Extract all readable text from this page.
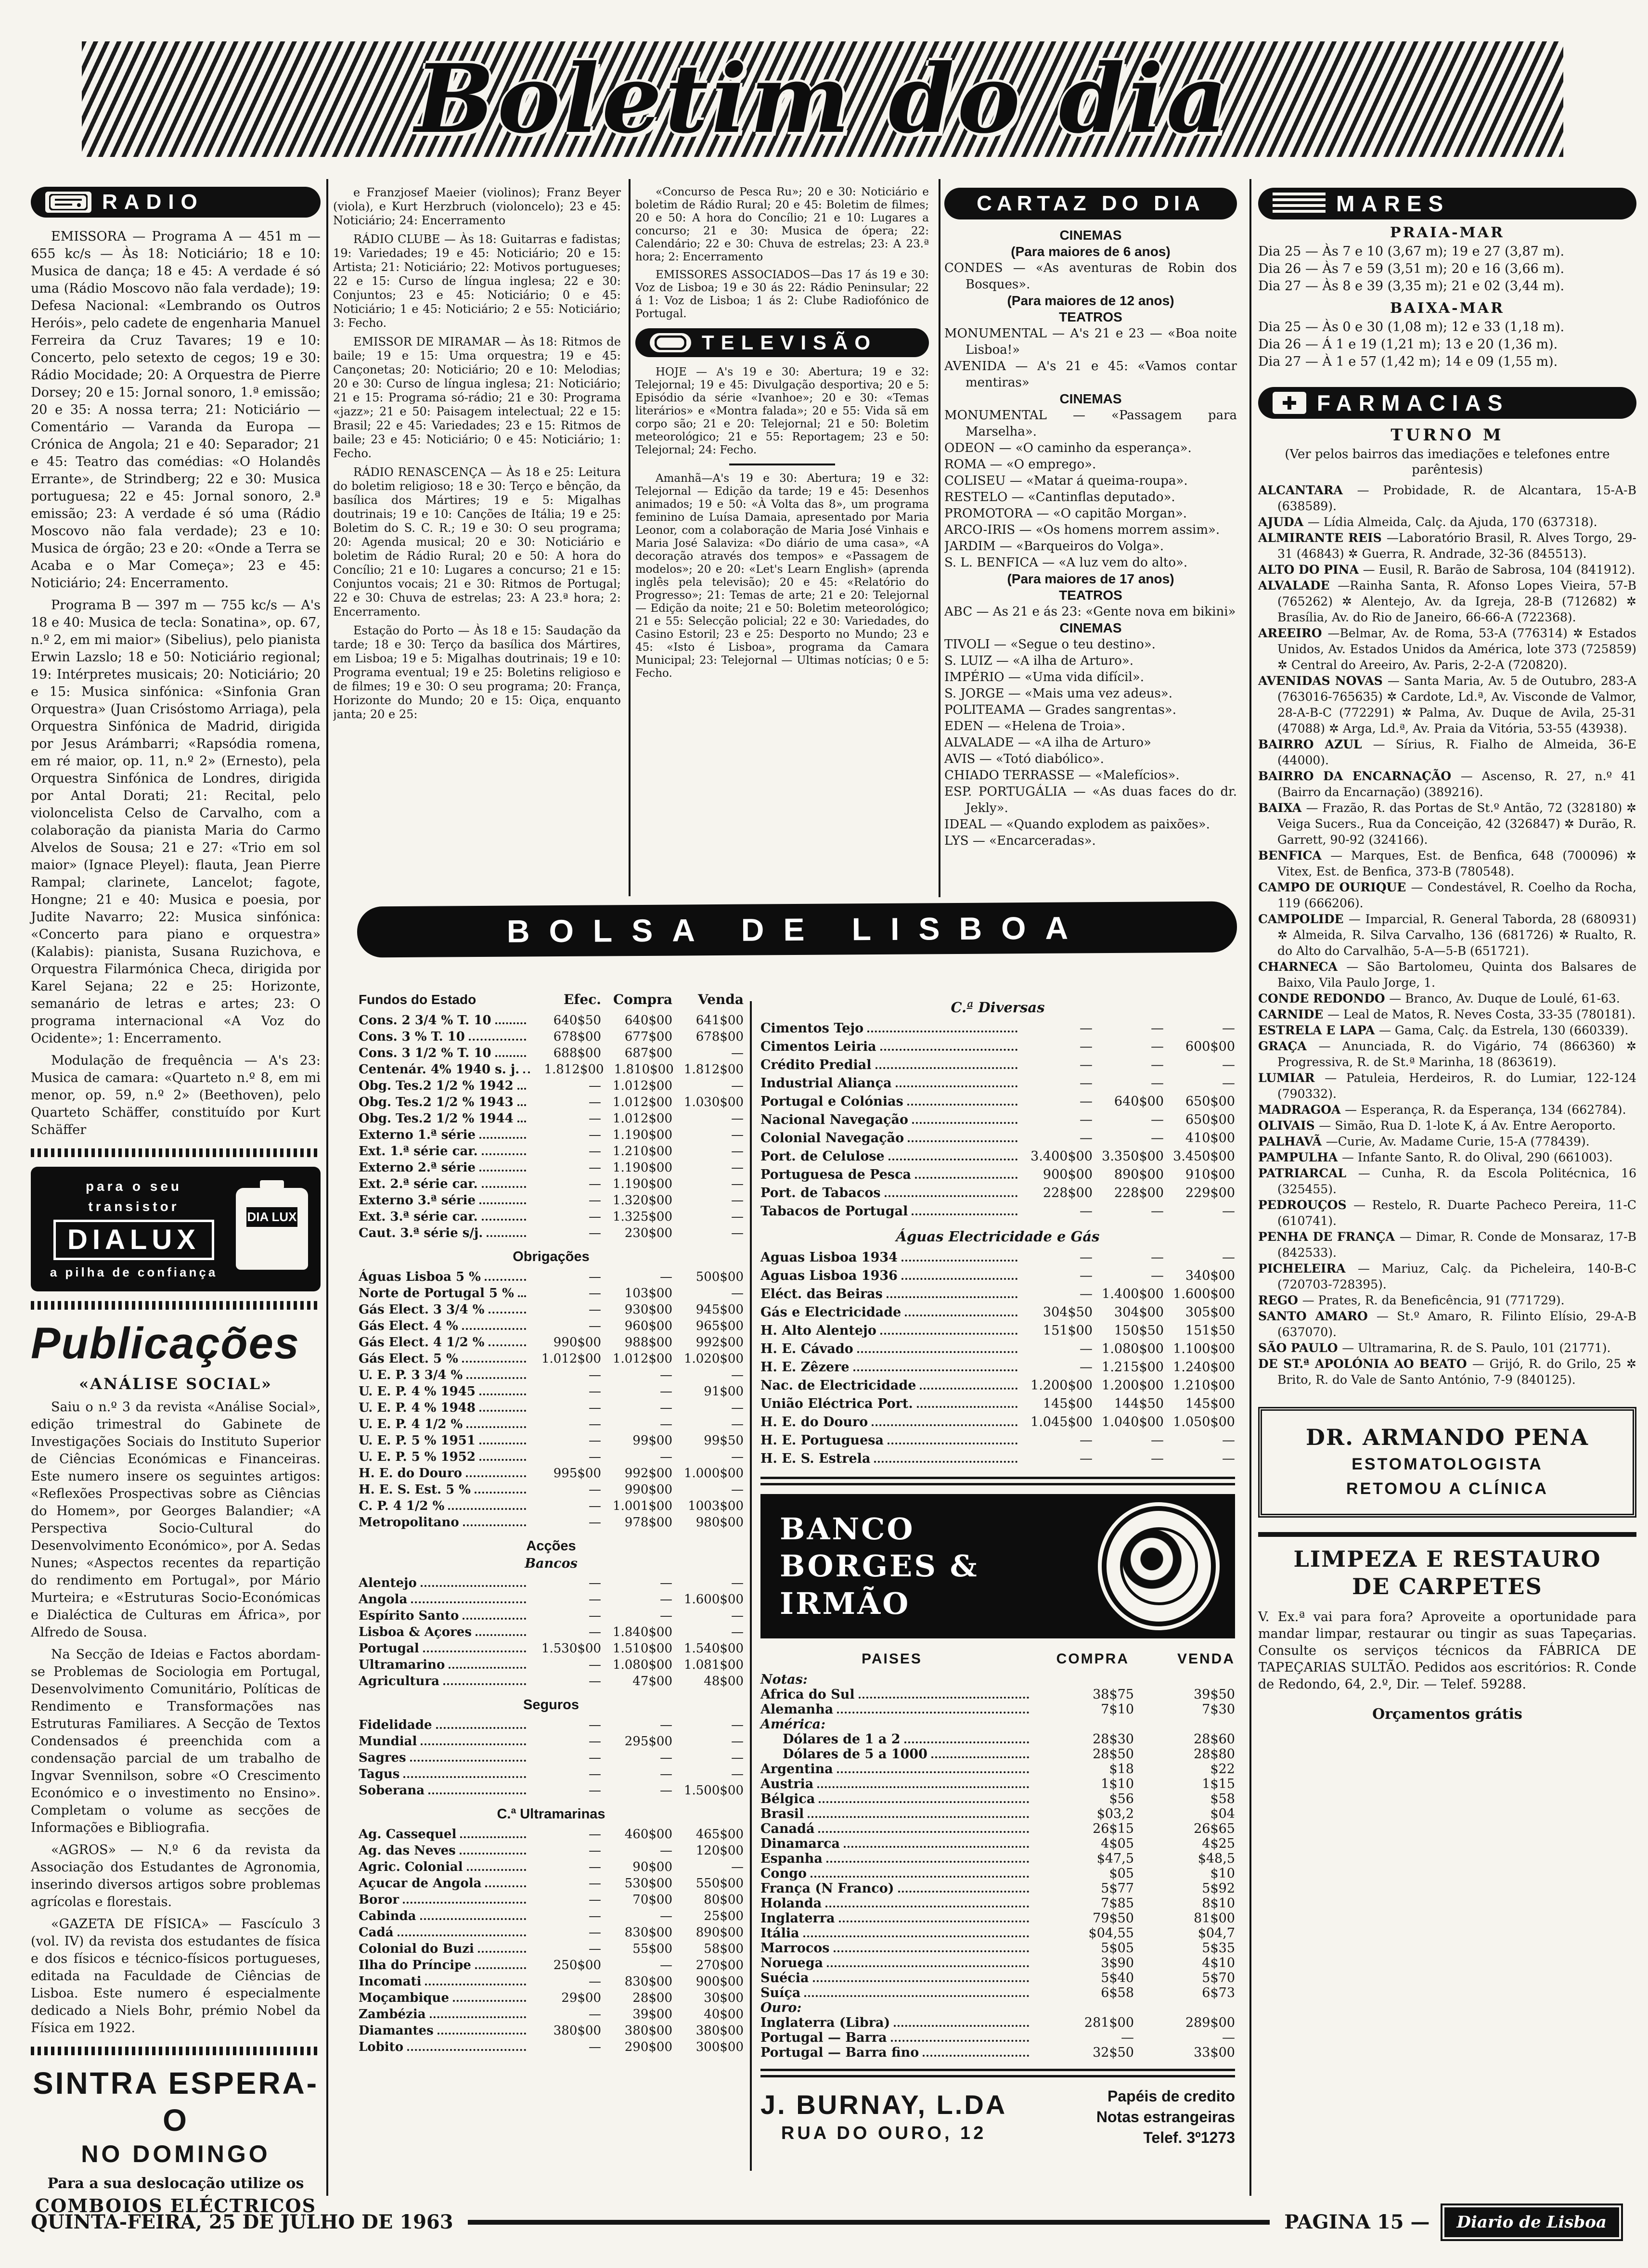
Boletim do dia
RADIO

EMISSORA — Programa A — 451 m — 655 kc/s — Às 18: Noticiário; 18 e 10: Musica de dança; 18 e 45: A verdade é só uma (Rádio Moscovo não fala verdade); 19: Defesa Nacional: «Lembrando os Outros Heróis», pelo cadete de engenharia Manuel Ferreira da Cruz Tavares; 19 e 10: Concerto, pelo setexto de cegos; 19 e 30: Rádio Mocidade; 20: A Orquestra de Pierre Dorsey; 20 e 15: Jornal sonoro, 1.ª emissão; 20 e 35: A nossa terra; 21: Noticiário — Comentário — Varanda da Europa — Crónica de Angola; 21 e 40: Separador; 21 e 45: Teatro das comédias: «O Holandês Errante», de Strindberg; 22 e 30: Musica portuguesa; 22 e 45: Jornal sonoro, 2.ª emissão; 23: A verdade é só uma (Rádio Moscovo não fala verdade); 23 e 10: Musica de órgão; 23 e 20: «Onde a Terra se Acaba e o Mar Começa»; 23 e 45: Noticiário; 24: Encerramento.

Programa B — 397 m — 755 kc/s — A's 18 e 40: Musica de tecla: Sonatina», op. 67, n.º 2, em mi maior» (Sibelius), pelo pianista Erwin Lazslo; 18 e 50: Noticiário regional; 19: Intérpretes musicais; 20: Noticiário; 20 e 15: Musica sinfónica: «Sinfonia Gran Orquestra» (Juan Crisóstomo Arriaga), pela Orquestra Sinfónica de Madrid, dirigida por Jesus Arámbarri; «Rapsódia romena, em ré maior, op. 11, n.º 2» (Ernesto), pela Orquestra Sinfónica de Londres, dirigida por Antal Dorati; 21: Recital, pelo violoncelista Celso de Carvalho, com a colaboração da pianista Maria do Carmo Alvelos de Sousa; 21 e 27: «Trio em sol maior» (Ignace Pleyel): flauta, Jean Pierre Rampal; clarinete, Lancelot; fagote, Hongne; 21 e 40: Musica e poesia, por Judite Navarro; 22: Musica sinfónica: «Concerto para piano e orquestra» (Kalabis): pianista, Susana Ruzichova, e Orquestra Filarmónica Checa, dirigida por Karel Sejana; 22 e 25: Horizonte, semanário de letras e artes; 23: O programa internacional «A Voz do Ocidente»; 1: Encerramento.

Modulação de frequência — A's 23: Musica de camara: «Quarteto n.º 8, em mi menor, op. 59, n.º 2» (Beethoven), pelo Quarteto Schäffer, constituído por Kurt Schäffer

para o seu transistor
DIALUX
a pilha de confiança
DIA LUX
Publicações
«ANÁLISE SOCIAL»

Saiu o n.º 3 da revista «Análise Social», edição trimestral do Gabinete de Investigações Sociais do Instituto Superior de Ciências Económicas e Financeiras. Este numero insere os seguintes artigos: «Reflexões Prospectivas sobre as Ciências do Homem», por Georges Balandier; «A Perspectiva Socio-Cultural do Desenvolvimento Económico», por A. Sedas Nunes; «Aspectos recentes da repartição do rendimento em Portugal», por Mário Murteira; e «Estruturas Socio-Económicas e Dialéctica de Culturas em África», por Alfredo de Sousa.

Na Secção de Ideias e Factos abordam-se Problemas de Sociologia em Portugal, Desenvolvimento Comunitário, Políticas de Rendimento e Transformações nas Estruturas Familiares. A Secção de Textos Condensados é preenchida com a condensação parcial de um trabalho de Ingvar Svennilson, sobre «O Crescimento Económico e o investimento no Ensino». Completam o volume as secções de Informações e Bibliografia.

«AGROS» — N.º 6 da revista da Associação dos Estudantes de Agronomia, inserindo diversos artigos sobre problemas agrícolas e florestais.

«GAZETA DE FÍSICA» — Fascículo 3 (vol. IV) da revista dos estudantes de física e dos físicos e técnico-físicos portugueses, editada na Faculdade de Ciências de Lisboa. Este numero é especialmente dedicado a Niels Bohr, prémio Nobel da Física em 1922.

SINTRA ESPERA-O
NO DOMINGO
Para a sua deslocação utilize os
COMBOIOS ELÉCTRICOS

e Franzjosef Maeier (violinos); Franz Beyer (viola), e Kurt Herzbruch (violoncelo); 23 e 45: Noticiário; 24: Encerramento

RÁDIO CLUBE — Às 18: Guitarras e fadistas; 19: Variedades; 19 e 45: Noticiário; 20 e 15: Artista; 21: Noticiário; 22: Motivos portugueses; 22 e 15: Curso de língua inglesa; 22 e 30: Conjuntos; 23 e 45: Noticiário; 0 e 45: Noticiário; 1 e 45: Noticiário; 2 e 55: Noticiário; 3: Fecho.

EMISSOR DE MIRAMAR — Às 18: Ritmos de baile; 19 e 15: Uma orquestra; 19 e 45: Cançonetas; 20: Noticiário; 20 e 10: Melodias; 20 e 30: Curso de língua inglesa; 21: Noticiário; 21 e 15: Programa só-rádio; 21 e 30: Programa «jazz»; 21 e 50: Paisagem intelectual; 22 e 15: Brasil; 22 e 45: Variedades; 23 e 15: Ritmos de baile; 23 e 45: Noticiário; 0 e 45: Noticiário; 1: Fecho.

RÁDIO RENASCENÇA — Às 18 e 25: Leitura do boletim religioso; 18 e 30: Terço e bênção, da basílica dos Mártires; 19 e 5: Migalhas doutrinais; 19 e 10: Canções de Itália; 19 e 25: Boletim do S. C. R.; 19 e 30: O seu programa; 20: Agenda musical; 20 e 30: Noticiário e boletim de Rádio Rural; 20 e 50: A hora do Concílio; 21 e 10: Lugares a concurso; 21 e 15: Conjuntos vocais; 21 e 30: Ritmos de Portugal; 22 e 30: Chuva de estrelas; 23: A 23.ª hora; 2: Encerramento.

Estação do Porto — Às 18 e 15: Saudação da tarde; 18 e 30: Terço da basílica dos Mártires, em Lisboa; 19 e 5: Migalhas doutrinais; 19 e 10: Programa eventual; 19 e 25: Boletins religioso e de filmes; 19 e 30: O seu programa; 20: França, Horizonte do Mundo; 20 e 15: Oiça, enquanto janta; 20 e 25:

«Concurso de Pesca Ru»; 20 e 30: Noticiário e boletim de Rádio Rural; 20 e 45: Boletim de filmes; 20 e 50: A hora do Concílio; 21 e 10: Lugares a concurso; 21 e 30: Musica de ópera; 22: Calendário; 22 e 30: Chuva de estrelas; 23: A 23.ª hora; 2: Encerramento

EMISSORES ASSOCIADOS—Das 17 ás 19 e 30: Voz de Lisboa; 19 e 30 ás 22: Rádio Peninsular; 22 á 1: Voz de Lisboa; 1 ás 2: Clube Radiofónico de Portugal.

TELEVISÃO

HOJE — A's 19 e 30: Abertura; 19 e 32: Telejornal; 19 e 45: Divulgação desportiva; 20 e 5: Episódio da série «Ivanhoe»; 20 e 30: «Temas literários» e «Montra falada»; 20 e 55: Vida sã em corpo são; 21 e 20: Telejornal; 21 e 50: Boletim meteorológico; 21 e 55: Reportagem; 23 e 50: Telejornal; 24: Fecho.

Amanhã—A's 19 e 30: Abertura; 19 e 32: Telejornal — Edição da tarde; 19 e 45: Desenhos animados; 19 e 50: «À Volta das 8», um programa feminino de Luísa Damaia, apresentado por Maria Leonor, com a colaboração de Maria José Vinhais e Maria José Salaviza: «Do diário de uma casa», «A decoração através dos tempos» e «Passagem de modelos»; 20 e 20: «Let's Learn English» (aprenda inglês pela televisão); 20 e 45: «Relatório do Progresso»; 21: Temas de arte; 21 e 20: Telejornal — Edição da noite; 21 e 50: Boletim meteorológico; 21 e 55: Selecção policial; 22 e 30: Variedades, do Casino Estoril; 23 e 25: Desporto no Mundo; 23 e 45: «Isto é Lisboa», programa da Camara Municipal; 23: Telejornal — Ultimas notícias; 0 e 5: Fecho.

CARTAZ DO DIA
CINEMAS
(Para maiores de 6 anos)
CONDES — «As aventuras de Robin dos Bosques».
(Para maiores de 12 anos)
TEATROS
MONUMENTAL — A's 21 e 23 — «Boa noite Lisboa!»
AVENIDA — A's 21 e 45: «Vamos contar mentiras»
CINEMAS
MONUMENTAL — «Passagem para Marselha».
ODEON — «O caminho da esperança».
ROMA — «O emprego».
COLISEU — «Matar á queima-roupa».
RESTELO — «Cantinflas deputado».
PROMOTORA — «O capitão Morgan».
ARCO-IRIS — «Os homens morrem assim».
JARDIM — «Barqueiros do Volga».
S. L. BENFICA — «A luz vem do alto».
(Para maiores de 17 anos)
TEATROS
ABC — As 21 e ás 23: «Gente nova em bikini»
CINEMAS
TIVOLI — «Segue o teu destino».
S. LUIZ — «A ilha de Arturo».
IMPÉRIO — «Uma vida difícil».
S. JORGE — «Mais uma vez adeus».
POLITEAMA — Grades sangrentas».
EDEN — «Helena de Troia».
ALVALADE — «A ilha de Arturo»
AVIS — «Totó diabólico».
CHIADO TERRASSE — «Malefícios».
ESP. PORTUGÁLIA — «As duas faces do dr. Jekly».
IDEAL — «Quando explodem as paixões».
LYS — «Encarceradas».
MARES
PRAIA-MAR

Dia 25 — Às 7 e 10 (3,67 m); 19 e 27 (3,87 m).

Dia 26 — Às 7 e 59 (3,51 m); 20 e 16 (3,66 m).

Dia 27 — Às 8 e 39 (3,35 m); 21 e 02 (3,44 m).

BAIXA-MAR

Dia 25 — Às 0 e 30 (1,08 m); 12 e 33 (1,18 m).

Dia 26 — Á 1 e 19 (1,21 m); 13 e 20 (1,36 m).

Dia 27 — À 1 e 57 (1,42 m); 14 e 09 (1,55 m).

FARMACIAS
TURNO M
(Ver pelos bairros das imediações e telefones entre parêntesis)

ALCANTARA — Probidade, R. de Alcantara, 15-A-B (638589).

AJUDA — Lídia Almeida, Calç. da Ajuda, 170 (637318).

ALMIRANTE REIS —Laboratório Brasil, R. Alves Torgo, 29-31 (46843) ✲ Guerra, R. Andrade, 32-36 (845513).

ALTO DO PINA — Eusil, R. Barão de Sabrosa, 104 (841912).

ALVALADE —Rainha Santa, R. Afonso Lopes Vieira, 57-B (765262) ✲ Alentejo, Av. da Igreja, 28-B (712682) ✲ Brasília, Av. do Rio de Janeiro, 66-66-A (722368).

AREEIRO —Belmar, Av. de Roma, 53-A (776314) ✲ Estados Unidos, Av. Estados Unidos da América, lote 373 (725859) ✲ Central do Areeiro, Av. Paris, 2-2-A (720820).

AVENIDAS NOVAS — Santa Maria, Av. 5 de Outubro, 283-A (763016-765635) ✲ Cardote, Ld.ª, Av. Visconde de Valmor, 28-A-B-C (772291) ✲ Palma, Av. Duque de Avila, 25-31 (47088) ✲ Arga, Ld.ª, Av. Praia da Vitória, 53-55 (43938).

BAIRRO AZUL — Sírius, R. Fialho de Almeida, 36-E (44000).

BAIRRO DA ENCARNAÇÃO — Ascenso, R. 27, n.º 41 (Bairro da Encarnação) (389216).

BAIXA — Frazão, R. das Portas de St.º Antão, 72 (328180) ✲ Veiga Sucers., Rua da Conceição, 42 (326847) ✲ Durão, R. Garrett, 90-92 (324166).

BENFICA — Marques, Est. de Benfica, 648 (700096) ✲ Vitex, Est. de Benfica, 373-B (780548).

CAMPO DE OURIQUE — Condestável, R. Coelho da Rocha, 119 (666206).

CAMPOLIDE — Imparcial, R. General Taborda, 28 (680931) ✲ Almeida, R. Silva Carvalho, 136 (681726) ✲ Rualto, R. do Alto do Carvalhão, 5-A—5-B (651721).

CHARNECA — São Bartolomeu, Quinta dos Balsares de Baixo, Vila Paulo Jorge, 1.

CONDE REDONDO — Branco, Av. Duque de Loulé, 61-63.

CARNIDE — Leal de Matos, R. Neves Costa, 33-35 (780181).

ESTRELA E LAPA — Gama, Calç. da Estrela, 130 (660339).

GRAÇA — Anunciada, R. do Vigário, 74 (866360) ✲ Progressiva, R. de St.ª Marinha, 18 (863619).

LUMIAR — Patuleia, Herdeiros, R. do Lumiar, 122-124 (790332).

MADRAGOA — Esperança, R. da Esperança, 134 (662784).

OLIVAIS — Simão, Rua D. 1-lote K, á Av. Entre Aeroporto.

PALHAVÃ —Curie, Av. Madame Curie, 15-A (778439).

PAMPULHA — Infante Santo, R. do Olival, 290 (661003).

PATRIARCAL — Cunha, R. da Escola Politécnica, 16 (325455).

PEDROUÇOS — Restelo, R. Duarte Pacheco Pereira, 11-C (610741).

PENHA DE FRANÇA — Dimar, R. Conde de Monsaraz, 17-B (842533).

PICHELEIRA — Mariuz, Calç. da Picheleira, 140-B-C (720703-728395).

REGO — Prates, R. da Beneficência, 91 (771729).

SANTO AMARO — St.º Amaro, R. Filinto Elísio, 29-A-B (637070).

SÃO PAULO — Ultramarina, R. de S. Paulo, 101 (21771).

DE ST.ª APOLÓNIA AO BEATO — Grijó, R. do Grilo, 25 ✲ Brito, R. do Vale de Santo António, 7-9 (840125).

DR. ARMANDO PENA
ESTOMATOLOGISTA
RETOMOU A CLÍNICA
LIMPEZA E RESTAURO
DE CARPETES

V. Ex.ª vai para fora? Aproveite a oportunidade para mandar limpar, restaurar ou tingir as suas Tapeçarias. Consulte os serviços técnicos da FÁBRICA DE TAPEÇARIAS SULTÃO. Pedidos aos escritórios: R. Conde de Redondo, 64, 2.º, Dir. — Telef. 59288.

Orçamentos grátis
BOLSA DE LISBOA
Fundos do Estado	Efec. Compra	Venda
Cons. 2 3/4 % T. 10	640$50	640$00	641$00
Cons. 3 % T. 10	678$00	677$00	678$00
Cons. 3 1/2 % T. 10	688$00	687$00	—
Centenár. 4% 1940 s. j.	1.812$00 1.810$00 1.812$00
Obg. Tes.2 1/2 % 1942	— 1.012$00	—
Obg. Tes.2 1/2 % 1943	— 1.012$00 1.030$00
Obg. Tes.2 1/2 % 1944	— 1.012$00	—
Externo 1.ª série	— 1.190$00	—
Ext. 1.ª série car.	— 1.210$00	—
Externo 2.ª série	— 1.190$00	—
Ext. 2.ª série car.	— 1.190$00	—
Externo 3.ª série	— 1.320$00	—
Ext. 3.ª série car.	— 1.325$00	—
Caut. 3.ª série s/j.	—	230$00	—
Obrigações
Águas Lisboa 5 %	—	—	500$00
Norte de Portugal 5 %	—	103$00	—
Gás Elect. 3 3/4 %	—	930$00	945$00
Gás Elect. 4 %	—	960$00	965$00
Gás Elect. 4 1/2 %	990$00	988$00	992$00
Gás Elect. 5 %	1.012$00 1.012$00 1.020$00
U. E. P. 3 3/4 %	—	—	—
U. E. P. 4 % 1945	—	—	91$00
U. E. P. 4 % 1948	—	—	—
U. E. P. 4 1/2 %	—	—	—
U. E. P. 5 % 1951	—	99$00	99$50
U. E. P. 5 % 1952	—	—	—
H. E. do Douro	995$00	992$00 1.000$00
H. E. S. Est. 5 %	—	990$00	—
C. P. 4 1/2 %	— 1.001$00	1003$00
Metropolitano	—	978$00	980$00
Acções
Bancos
Alentejo	—	—	—
Angola	—	— 1.600$00
Espírito Santo	—	—	—
Lisboa & Açores	— 1.840$00	—
Portugal	1.530$00 1.510$00 1.540$00
Ultramarino	— 1.080$00 1.081$00
Agricultura	—	47$00	48$00
Seguros
Fidelidade	—	—	—
Mundial	—	295$00	—
Sagres	—	—	—
Tagus	—	—	—
Soberana	—	— 1.500$00
C.ª Ultramarinas
Ag. Cassequel	—	460$00	465$00
Ag. das Neves	—	—	120$00
Agric. Colonial	—	90$00	—
Açucar de Angola	—	530$00	550$00
Boror	—	70$00	80$00
Cabinda	—	—	25$00
Cadá	—	830$00	890$00
Colonial do Buzi	—	55$00	58$00
Ilha do Príncipe	250$00	—	270$00
Incomati	—	830$00	900$00
Moçambique	29$00	28$00	30$00
Zambézia	—	39$00	40$00
Diamantes	380$00	380$00	380$00
Lobito	—	290$00	300$00
C.ª Diversas
Cimentos Tejo	—	—	—
Cimentos Leiria	—	—	600$00
Crédito Predial	—	—	—
Industrial Aliança	—	—	—
Portugal e Colónias	—	640$00	650$00
Nacional Navegação	—	—	650$00
Colonial Navegação	—	—	410$00
Port. de Celulose	3.400$00 3.350$00 3.450$00
Portuguesa de Pesca	900$00	890$00	910$00
Port. de Tabacos	228$00	228$00	229$00
Tabacos de Portugal	—	—	—
Águas Electricidade e Gás
Aguas Lisboa 1934	—	—	—
Aguas Lisboa 1936	—	—	340$00
Eléct. das Beiras	— 1.400$00 1.600$00
Gás e Electricidade	304$50	304$00	305$00
H. Alto Alentejo	151$00	150$50	151$50
H. E. Cávado	— 1.080$00 1.100$00
H. E. Zêzere	— 1.215$00 1.240$00
Nac. de Electricidade	1.200$00 1.200$00 1.210$00
União Eléctrica Port.	145$00	144$50	145$00
H. E. do Douro	1.045$00 1.040$00 1.050$00
H. E. Portuguesa	—	—	—
H. E. S. Estrela	—	—	—
BANCO
BORGES & IRMÃO
PAISES	COMPRA	VENDA
Notas:
Africa do Sul	38$75	39$50
Alemanha	7$10	7$30
América:
Dólares de 1 a 2	28$30	28$60
Dólares de 5 a 1000	28$50	28$80
Argentina	$18	$22
Austria	1$10	1$15
Bélgica	$56	$58
Brasil	$03,2	$04
Canadá	26$15	26$65
Dinamarca	4$05	4$25
Espanha	$47,5	$48,5
Congo	$05	$10
França (N Franco)	5$77	5$92
Holanda	7$85	8$10
Inglaterra	79$50	81$00
Itália	$04,55	$04,7
Marrocos	5$05	5$35
Noruega	3$90	4$10
Suécia	5$40	5$70
Suíça	6$58	6$73
Ouro:
Inglaterra (Libra)	281$00	289$00
Portugal — Barra	—	—
Portugal — Barra fino	32$50	33$00
J. BURNAY, L.DA
RUA DO OURO, 12
Papéis de credito
Notas estrangeiras
Telef. 3º1273
QUINTA-FEIRA, 25 DE JULHO DE 1963	PAGINA 15 —	Diario de Lisboa
